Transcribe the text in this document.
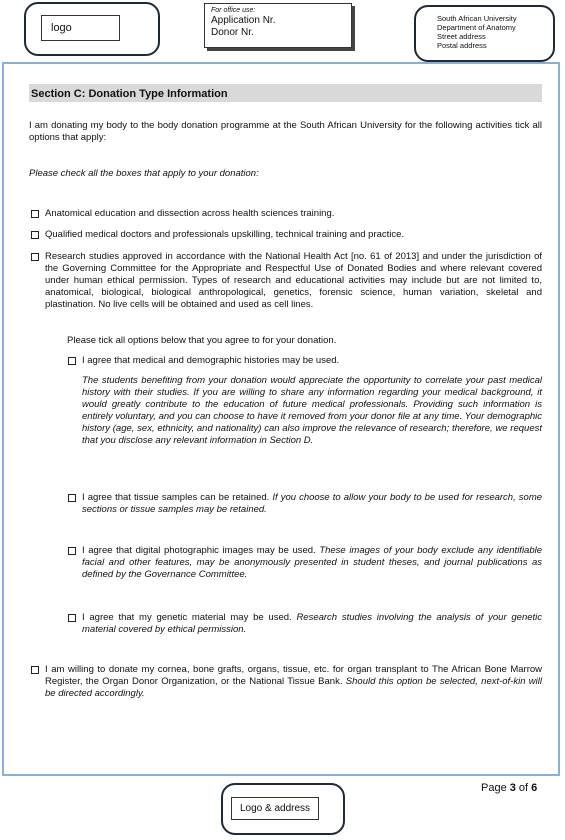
logo
For office use:
Application Nr.
Donor Nr.
South African University
Department of Anatomy
Street address
Postal address
Section C: Donation Type Information
I am donating my body to the body donation programme at the South African University for the following activities tick all options that apply:
Please check all the boxes that apply to your donation:
Anatomical education and dissection across health sciences training.
Qualified medical doctors and professionals upskilling, technical training and practice.
Research studies approved in accordance with the National Health Act [no. 61 of 2013] and under the jurisdiction of the Governing Committee for the Appropriate and Respectful Use of Donated Bodies and where relevant covered under human ethical permission. Types of research and educational activities may include but are not limited to, anatomical, biological, biological anthropological, genetics, forensic science, human variation, skeletal and plastination. No live cells will be obtained and used as cell lines.
Please tick all options below that you agree to for your donation.
I agree that medical and demographic histories may be used.
The students benefiting from your donation would appreciate the opportunity to correlate your past medical history with their studies. If you are willing to share any information regarding your medical background, it would greatly contribute to the education of future medical professionals. Providing such information is entirely voluntary, and you can choose to have it removed from your donor file at any time. Your demographic history (age, sex, ethnicity, and nationality) can also improve the relevance of research; therefore, we request that you disclose any relevant information in Section D.
I agree that tissue samples can be retained. If you choose to allow your body to be used for research, some sections or tissue samples may be retained.
I agree that digital photographic images may be used. These images of your body exclude any identifiable facial and other features, may be anonymously presented in student theses, and journal publications as defined by the Governance Committee.
I agree that my genetic material may be used. Research studies involving the analysis of your genetic material covered by ethical permission.
I am willing to donate my cornea, bone grafts, organs, tissue, etc. for organ transplant to The African Bone Marrow Register, the Organ Donor Organization, or the National Tissue Bank. Should this option be selected, next-of-kin will be directed accordingly.
Page 3 of 6
Logo & address
